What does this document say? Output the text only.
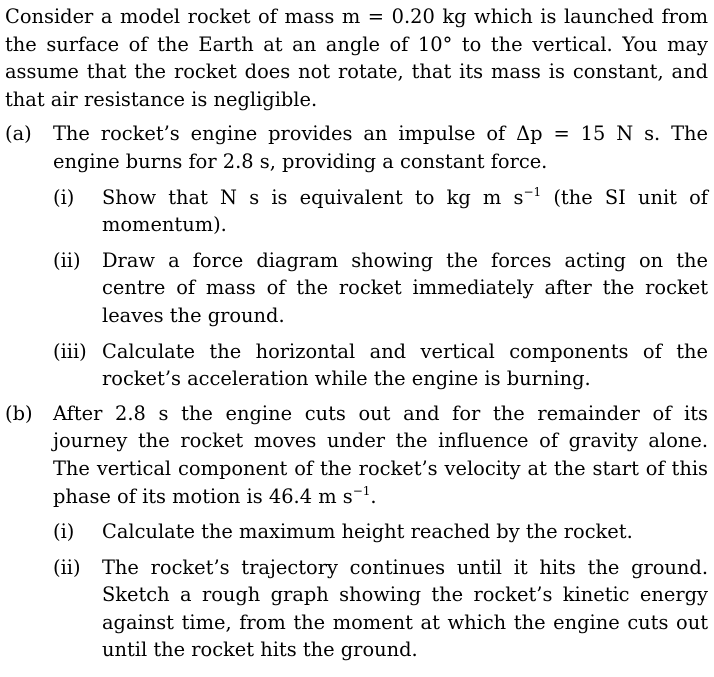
Consider a model rocket of mass m = 0.20 kg which is launched from the surface of the Earth at an angle of 10° to the vertical. You may assume that the rocket does not rotate, that its mass is constant, and that air resistance is negligible.

(a)	The rocket’s engine provides an impulse of Δp = 15 N s. The engine burns for 2.8 s, providing a constant force.
(i)	Show that N s is equivalent to kg m $s^{-1}$ (the SI unit of momentum).
(ii)	Draw a force diagram showing the forces acting on the centre of mass of the rocket immediately after the rocket leaves the ground.
(iii) Calculate the horizontal and vertical components of the rocket’s acceleration while the engine is burning.
(b)	After 2.8 s the engine cuts out and for the remainder of its journey the rocket moves under the influence of gravity alone. The vertical component of the rocket’s velocity at the start of this phase of its motion is 46.4 m $s^{-1}$.
(i)	Calculate the maximum height reached by the rocket.
(ii)	The rocket’s trajectory continues until it hits the ground. Sketch a rough graph showing the rocket’s kinetic energy against time, from the moment at which the engine cuts out until the rocket hits the ground.
